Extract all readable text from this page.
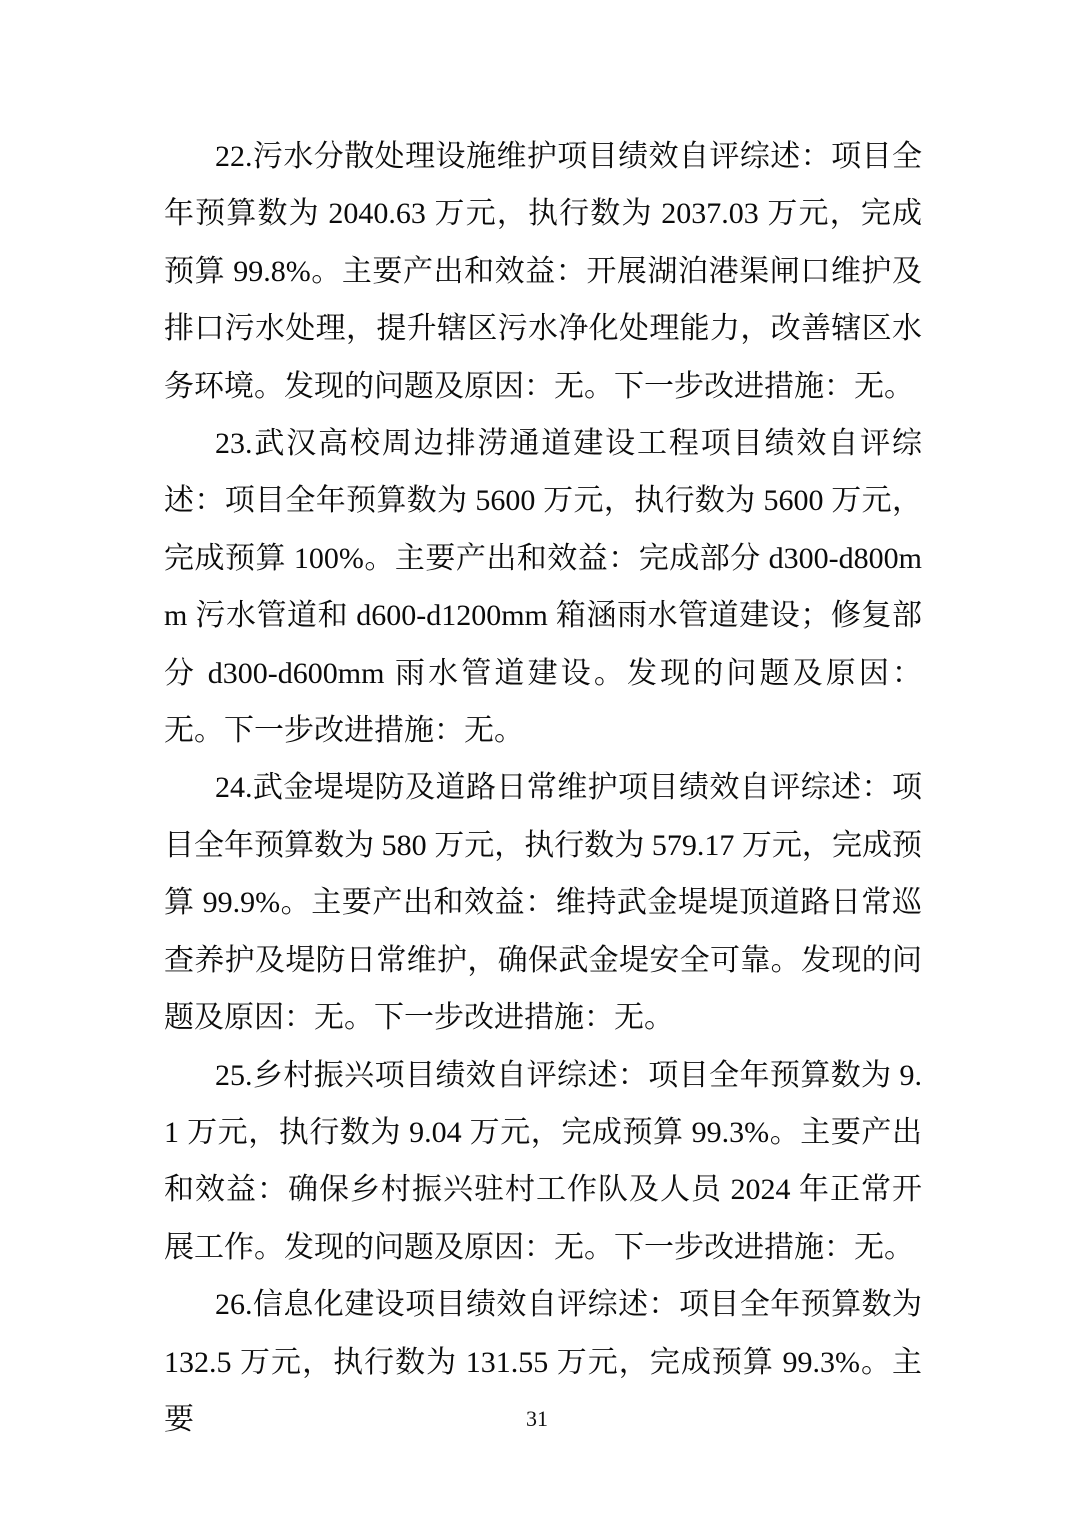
22.污水分散处理设施维护项目绩效自评综述：项目全年预算数为 2040.63 万元，执行数为 2037.03 万元，完成预算 99.8%。主要产出和效益：开展湖泊港渠闸口维护及排口污水处理，提升辖区污水净化处理能力，改善辖区水务环境。发现的问题及原因：无。下一步改进措施：无。

23.武汉高校周边排涝通道建设工程项目绩效自评综述：项目全年预算数为 5600 万元，执行数为 5600 万元，完成预算 100%。主要产出和效益：完成部分 d300-d800mm 污水管道和 d600-d1200mm 箱涵雨水管道建设；修复部分 d300-d600mm 雨水管道建设。发现的问题及原因：无。下一步改进措施：无。

24.武金堤堤防及道路日常维护项目绩效自评综述：项目全年预算数为 580 万元，执行数为 579.17 万元，完成预算 99.9%。主要产出和效益：维持武金堤堤顶道路日常巡查养护及堤防日常维护，确保武金堤安全可靠。发现的问题及原因：无。下一步改进措施：无。

25.乡村振兴项目绩效自评综述：项目全年预算数为 9.1 万元，执行数为 9.04 万元，完成预算 99.3%。主要产出和效益：确保乡村振兴驻村工作队及人员 2024 年正常开展工作。发现的问题及原因：无。下一步改进措施：无。

26.信息化建设项目绩效自评综述：项目全年预算数为 132.5 万元，执行数为 131.55 万元，完成预算 99.3%。主要	31
